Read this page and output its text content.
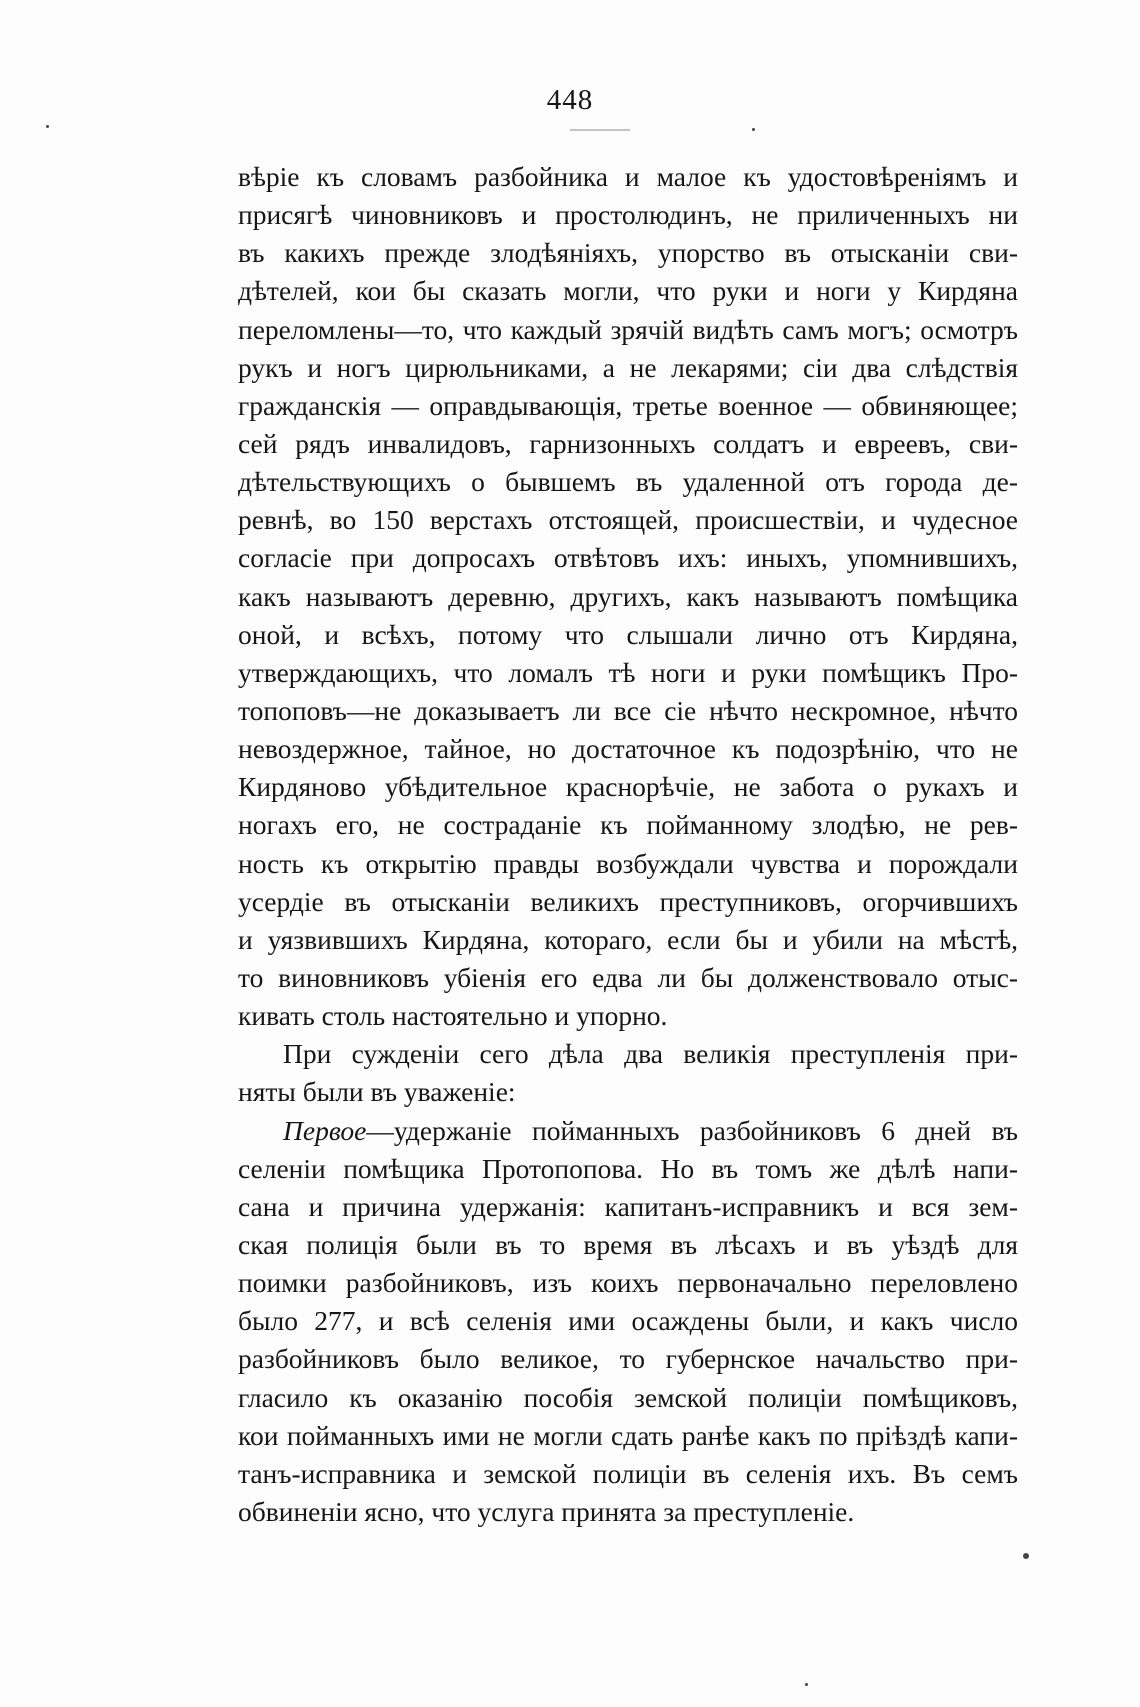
448
вѣріе къ словамъ разбойника и малое къ удостовѣреніямъ и
присягѣ чиновниковъ и простолюдинъ, не приличенныхъ ни
въ какихъ прежде злодѣяніяхъ, упорство въ отысканіи сви-
дѣтелей, кои бы сказать могли, что руки и ноги у Кирдяна
переломлены—то, что каждый зрячій видѣть самъ могъ; осмотръ
рукъ и ногъ цирюльниками, а не лекарями; сіи два слѣдствія
гражданскія — оправдывающія, третье военное — обвиняющее;
сей рядъ инвалидовъ, гарнизонныхъ солдатъ и евреевъ, сви-
дѣтельствующихъ о бывшемъ въ удаленной отъ города де-
ревнѣ, во 150 верстахъ отстоящей, происшествіи, и чудесное
согласіе при допросахъ отвѣтовъ ихъ: иныхъ, упомнившихъ,
какъ называютъ деревню, другихъ, какъ называютъ помѣщика
оной, и всѣхъ, потому что слышали лично отъ Кирдяна,
утверждающихъ, что ломалъ тѣ ноги и руки помѣщикъ Про-
топоповъ—не доказываетъ ли все сіе нѣчто нескромное, нѣчто
невоздержное, тайное, но достаточное къ подозрѣнію, что не
Кирдяново убѣдительное краснорѣчіе, не забота о рукахъ и
ногахъ его, не состраданіе къ пойманному злодѣю, не рев-
ность къ открытію правды возбуждали чувства и порождали
усердіе въ отысканіи великихъ преступниковъ, огорчившихъ
и уязвившихъ Кирдяна, котораго, если бы и убили на мѣстѣ,
то виновниковъ убіенія его едва ли бы долженствовало отыс-
кивать столь настоятельно и упорно.
При сужденіи сего дѣла два великія преступленія при-
няты были въ уваженіе:
Первое—удержаніе пойманныхъ разбойниковъ 6 дней въ
селеніи помѣщика Протопопова. Но въ томъ же дѣлѣ напи-
сана и причина удержанія: капитанъ-исправникъ и вся зем-
ская полиція были въ то время въ лѣсахъ и въ уѣздѣ для
поимки разбойниковъ, изъ коихъ первоначально переловлено
было 277, и всѣ селенія ими осаждены были, и какъ число
разбойниковъ было великое, то губернское начальство при-
гласило къ оказанію пособія земской полиціи помѣщиковъ,
кои пойманныхъ ими не могли сдать ранѣе какъ по пріѣздѣ капи-
танъ-исправника и земской полиціи въ селенія ихъ. Въ семъ
обвиненіи ясно, что услуга принята за преступленіе.
